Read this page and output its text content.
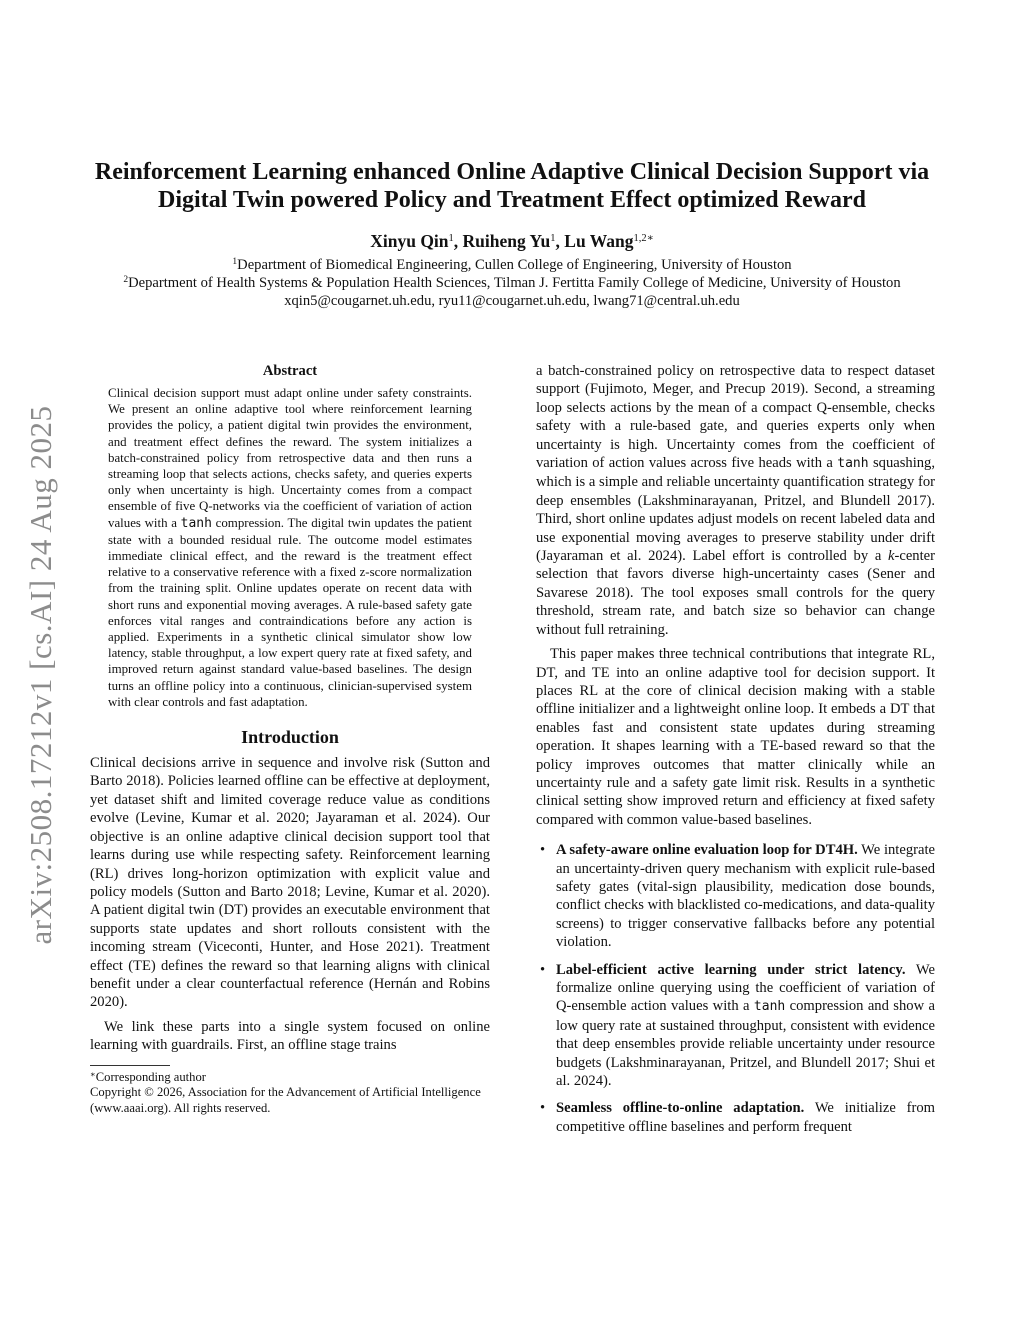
arXiv:2508.17212v1 [cs.AI] 24 Aug 2025
Reinforcement Learning enhanced Online Adaptive Clinical Decision Support via
Digital Twin powered Policy and Treatment Effect optimized Reward
Xinyu Qin$^1$, Ruiheng Yu$^1$, Lu Wang$^{1,2∗}$
$^1$Department of Biomedical Engineering, Cullen College of Engineering, University of Houston
$^2$Department of Health Systems & Population Health Sciences, Tilman J. Fertitta Family College of Medicine, University of Houston
xqin5@cougarnet.uh.edu, ryu11@cougarnet.uh.edu, lwang71@central.uh.edu
Abstract

Clinical decision support must adapt online under safety constraints. We present an online adaptive tool where reinforcement learning provides the policy, a patient digital twin provides the environment, and treatment effect defines the reward. The system initializes a batch-constrained policy from retrospective data and then runs a streaming loop that selects actions, checks safety, and queries experts only when uncertainty is high. Uncertainty comes from a compact ensemble of five Q-networks via the coefficient of variation of action values with a tanh compression. The digital twin updates the patient state with a bounded residual rule. The outcome model estimates immediate clinical effect, and the reward is the treatment effect relative to a conservative reference with a fixed z-score normalization from the training split. Online updates operate on recent data with short runs and exponential moving averages. A rule-based safety gate enforces vital ranges and contraindications before any action is applied. Experiments in a synthetic clinical simulator show low latency, stable throughput, a low expert query rate at fixed safety, and improved return against standard value-based baselines. The design turns an offline policy into a continuous, clinician-supervised system with clear controls and fast adaptation.

Introduction

Clinical decisions arrive in sequence and involve risk (Sutton and Barto 2018). Policies learned offline can be effective at deployment, yet dataset shift and limited coverage reduce value as conditions evolve (Levine, Kumar et al. 2020; Jayaraman et al. 2024). Our objective is an online adaptive clinical decision support tool that learns during use while respecting safety. Reinforcement learning (RL) drives long-horizon optimization with explicit value and policy models (Sutton and Barto 2018; Levine, Kumar et al. 2020). A patient digital twin (DT) provides an executable environment that supports state updates and short rollouts consistent with the incoming stream (Viceconti, Hunter, and Hose 2021). Treatment effect (TE) defines the reward so that learning aligns with clinical benefit under a clear counterfactual reference (Hernán and Robins 2020).

We link these parts into a single system focused on online learning with guardrails. First, an offline stage trains

∗Corresponding author

Copyright © 2026, Association for the Advancement of Artificial Intelligence (www.aaai.org). All rights reserved.

a batch-constrained policy on retrospective data to respect dataset support (Fujimoto, Meger, and Precup 2019). Second, a streaming loop selects actions by the mean of a compact Q-ensemble, checks safety with a rule-based gate, and queries experts only when uncertainty is high. Uncertainty comes from the coefficient of variation of action values across five heads with a tanh squashing, which is a simple and reliable uncertainty quantification strategy for deep ensembles (Lakshminarayanan, Pritzel, and Blundell 2017). Third, short online updates adjust models on recent labeled data and use exponential moving averages to preserve stability under drift (Jayaraman et al. 2024). Label effort is controlled by a k-center selection that favors diverse high-uncertainty cases (Sener and Savarese 2018). The tool exposes small controls for the query threshold, stream rate, and batch size so behavior can change without full retraining.

This paper makes three technical contributions that integrate RL, DT, and TE into an online adaptive tool for decision support. It places RL at the core of clinical decision making with a stable offline initializer and a lightweight online loop. It embeds a DT that enables fast and consistent state updates during streaming operation. It shapes learning with a TE-based reward so that the policy improves outcomes that matter clinically while an uncertainty rule and a safety gate limit risk. Results in a synthetic clinical setting show improved return and efficiency at fixed safety compared with common value-based baselines.

• A safety-aware online evaluation loop for DT4H. We integrate an uncertainty-driven query mechanism with explicit rule-based safety gates (vital-sign plausibility, medication dose bounds, conflict checks with blacklisted co-medications, and data-quality screens) to trigger conservative fallbacks before any potential violation.
• Label-efficient active learning under strict latency. We formalize online querying using the coefficient of variation of Q-ensemble action values with a tanh compression and show a low query rate at sustained throughput, consistent with evidence that deep ensembles provide reliable uncertainty under resource budgets (Lakshminarayanan, Pritzel, and Blundell 2017; Shui et al. 2024).
• Seamless offline-to-online adaptation. We initialize from competitive offline baselines and perform frequent
